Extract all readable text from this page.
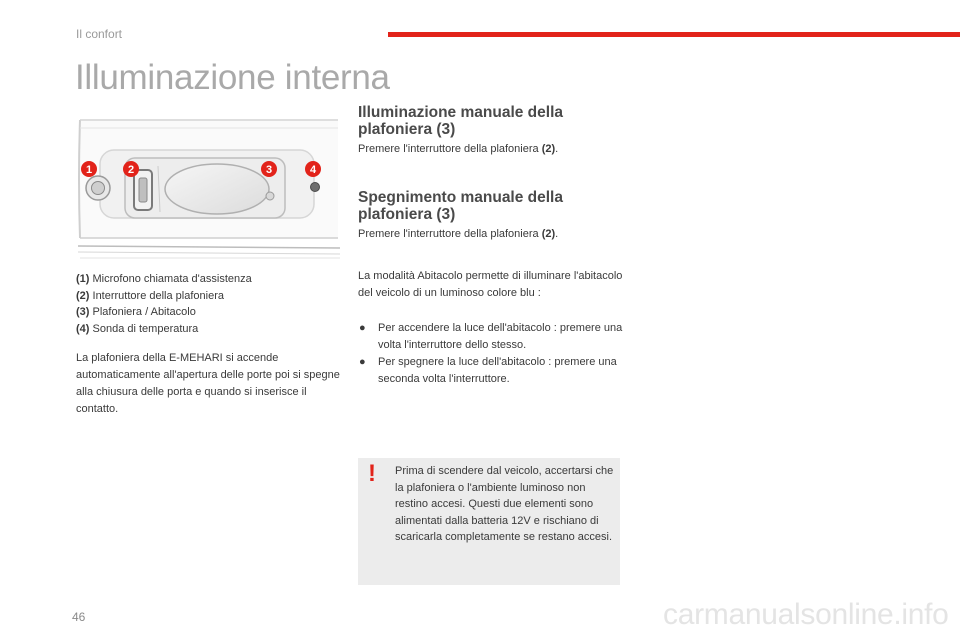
Il confort
Illuminazione interna
1	2	3	4
(1) Microfono chiamata d'assistenza
(2) Interruttore della plafoniera
(3) Plafoniera / Abitacolo
(4) Sonda di temperatura

La plafoniera della E-MEHARI si accende automaticamente all'apertura delle porte poi si spegne alla chiusura delle porta e quando si inserisce il contatto.

Illuminazione manuale della plafoniera (3)

Premere l'interruttore della plafoniera (2).

Spegnimento manuale della plafoniera (3)

Premere l'interruttore della plafoniera (2).

La modalità Abitacolo permette di illuminare l'abitacolo del veicolo di un luminoso colore blu :

● Per accendere la luce dell'abitacolo : premere una volta l'interruttore dello stesso.
● Per spegnere la luce dell'abitacolo : premere una seconda volta l'interruttore.
! Prima di scendere dal veicolo, accertarsi che la plafoniera o l'ambiente luminoso non restino accesi. Questi due elementi sono alimentati dalla batteria 12V e rischiano di scaricarla completamente se restano accesi.

46	carmanualsonline.info
